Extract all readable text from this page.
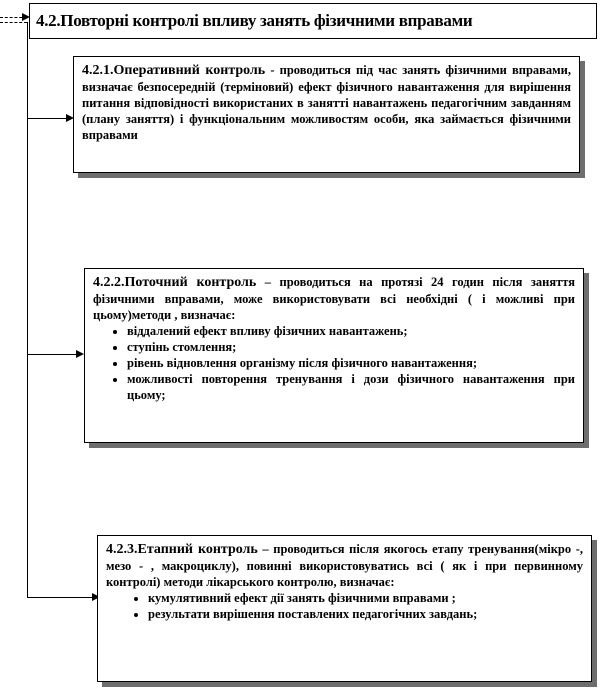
4.2.Повторні контролі впливу занять фізичними вправами
4.2.1.Оперативний контроль - проводиться під час занять фізичними вправами, визначає безпосередній (терміновий) ефект фізичного навантаження для вирішення питання відповідності використаних в занятті навантажень педагогічним завданням (плану заняття) і функціональним можливостям особи, яка займається фізичними вправами
4.2.2.Поточний контроль – проводиться на протязі 24 годин після заняття фізичними вправами, може використовувати всі необхідні ( і можливі при цьому)методи , визначає:
• віддалений ефект впливу фізичних навантажень;
• ступінь стомлення;
• рівень відновлення організму після фізичного навантаження;
• можливості повторення тренування і дози фізичного навантаження при цьому;
4.2.3.Етапний контроль – проводиться після якогось етапу тренування(мікро -, мезо - , макроциклу), повинні використовуватись всі ( як і при первинному контролі) методи лікарського контролю, визначає:
• кумулятивний ефект дії занять фізичними вправами ;
• результати вирішення поставлених педагогічних завдань;
